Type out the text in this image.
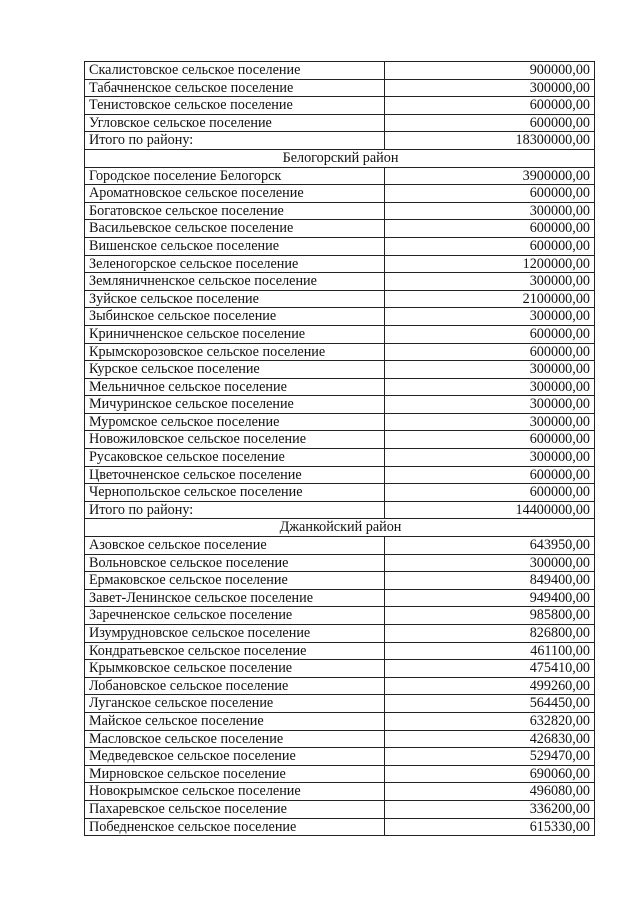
Скалистовское сельское поселение	900000,00
Табачненское сельское поселение	300000,00
Тенистовское сельское поселение	600000,00
Угловское сельское поселение	600000,00
Итого по району:	18300000,00
Белогорский район	
Городское поселение Белогорск	3900000,00
Ароматновское сельское поселение	600000,00
Богатовское сельское поселение	300000,00
Васильевское сельское поселение	600000,00
Вишенское сельское поселение	600000,00
Зеленогорское сельское поселение	1200000,00
Земляничненское сельское поселение	300000,00
Зуйское сельское поселение	2100000,00
Зыбинское сельское поселение	300000,00
Криничненское сельское поселение	600000,00
Крымскорозовское сельское поселение	600000,00
Курское сельское поселение	300000,00
Мельничное сельское поселение	300000,00
Мичуринское сельское поселение	300000,00
Муромское сельское поселение	300000,00
Новожиловское сельское поселение	600000,00
Русаковское сельское поселение	300000,00
Цветочненское сельское поселение	600000,00
Чернопольское сельское поселение	600000,00
Итого по району:	14400000,00
Джанкойский район	
Азовское сельское поселение	643950,00
Вольновское сельское поселение	300000,00
Ермаковское сельское поселение	849400,00
Завет-Ленинское сельское поселение	949400,00
Заречненское сельское поселение	985800,00
Изумрудновское сельское поселение	826800,00
Кондратьевское сельское поселение	461100,00
Крымковское сельское поселение	475410,00
Лобановское сельское поселение	499260,00
Луганское сельское поселение	564450,00
Майское сельское поселение	632820,00
Масловское сельское поселение	426830,00
Медведевское сельское поселение	529470,00
Мирновское сельское поселение	690060,00
Новокрымское сельское поселение	496080,00
Пахаревское сельское поселение	336200,00
Победненское сельское поселение	615330,00
